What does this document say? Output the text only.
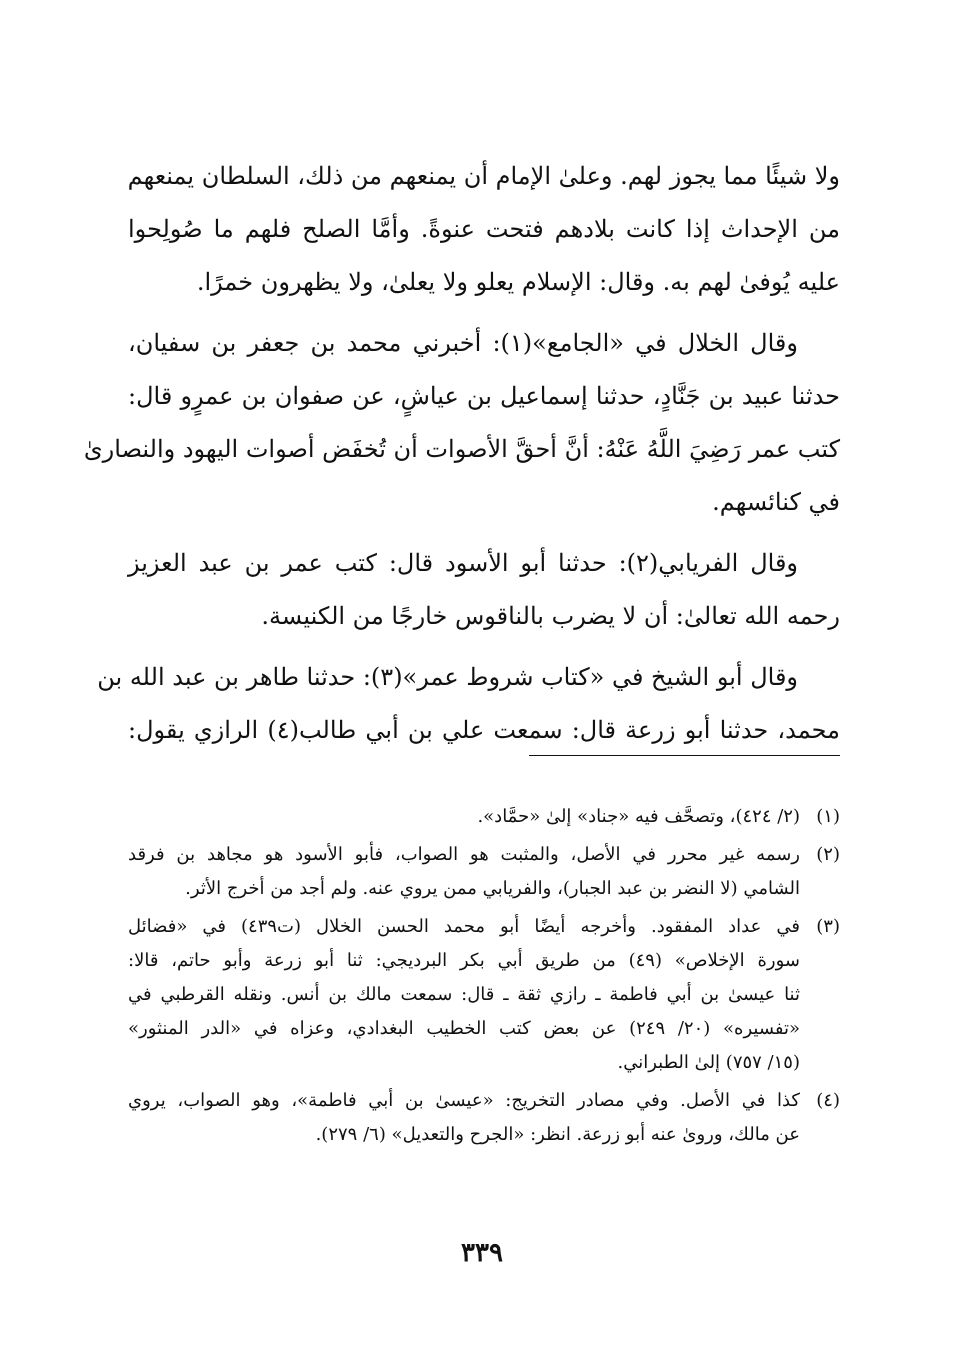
ولا شيئًا مما يجوز لهم. وعلىٰ الإمام أن يمنعهم من ذلك، السلطان يمنعهم
من الإحداث إذا كانت بلادهم فتحت عنوةً. وأمَّا الصلح فلهم ما صُولِحوا
عليه يُوفىٰ لهم به. وقال: الإسلام يعلو ولا يعلىٰ، ولا يظهرون خمرًا.

وقال الخلال في «الجامع»(١): أخبرني محمد بن جعفر بن سفيان،
حدثنا عبيد بن جَنَّادٍ، حدثنا إسماعيل بن عياشٍ، عن صفوان بن عمرٍو قال:
كتب عمر رَضِيَ اللَّهُ عَنْهُ: أنَّ أحقَّ الأصوات أن تُخفَض أصوات اليهود والنصارىٰ
في كنائسهم.

وقال الفريابي(٢): حدثنا أبو الأسود قال: كتب عمر بن عبد العزيز
رحمه الله تعالىٰ: أن لا يضرب بالناقوس خارجًا من الكنيسة.

وقال أبو الشيخ في «كتاب شروط عمر»(٣): حدثنا طاهر بن عبد الله بن
محمد، حدثنا أبو زرعة قال: سمعت علي بن أبي طالب(٤) الرازي يقول:

(١)
(٢/ ٤٢٤)، وتصحَّف فيه «جناد» إلىٰ «حمَّاد».
(٢)
رسمه غير محرر في الأصل، والمثبت هو الصواب، فأبو الأسود هو مجاهد بن فرقد
الشامي (لا النضر بن عبد الجبار)، والفريابي ممن يروي عنه. ولم أجد من أخرج الأثر.
(٣)
في عداد المفقود. وأخرجه أيضًا أبو محمد الحسن الخلال (ت٤٣٩) في «فضائل
سورة الإخلاص» (٤٩) من طريق أبي بكر البرديجي: ثنا أبو زرعة وأبو حاتم، قالا:
ثنا عيسىٰ بن أبي فاطمة ـ رازي ثقة ـ قال: سمعت مالك بن أنس. ونقله القرطبي في
«تفسيره» (٢٠/ ٢٤٩) عن بعض كتب الخطيب البغدادي، وعزاه في «الدر المنثور»
(١٥/ ٧٥٧) إلىٰ الطبراني.
(٤)
كذا في الأصل. وفي مصادر التخريج: «عيسىٰ بن أبي فاطمة»، وهو الصواب، يروي
عن مالك، وروىٰ عنه أبو زرعة. انظر: «الجرح والتعديل» (٦/ ٢٧٩).
٣٣٩
